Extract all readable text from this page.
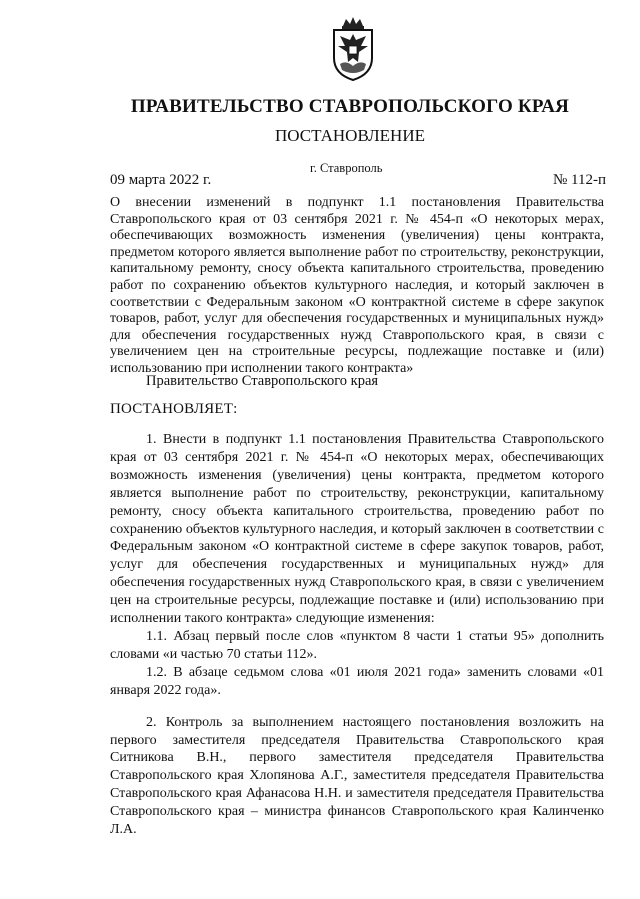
ПРАВИТЕЛЬСТВО СТАВРОПОЛЬСКОГО КРАЯ
ПОСТАНОВЛЕНИЕ
09 марта 2022 г.
г. Ставрополь
№ 112-п
О внесении изменений в подпункт 1.1 постановления Правительства Ставропольского края от 03 сентября 2021 г. № 454-п «О некоторых мерах, обеспечивающих возможность изменения (увеличения) цены контракта, предметом которого является выполнение работ по строительству, реконструкции, капитальному ремонту, сносу объекта капитального строительства, проведению работ по сохранению объектов культурного наследия, и который заключен в соответствии с Федеральным законом «О контрактной системе в сфере закупок товаров, работ, услуг для обеспечения государственных и муниципальных нужд» для обеспечения государственных нужд Ставропольского края, в связи с увеличением цен на строительные ресурсы, подлежащие поставке и (или) использованию при исполнении такого контракта»
Правительство Ставропольского края
ПОСТАНОВЛЯЕТ:

1. Внести в подпункт 1.1 постановления Правительства Ставропольского края от 03 сентября 2021 г. № 454-п «О некоторых мерах, обеспечивающих возможность изменения (увеличения) цены контракта, предметом которого является выполнение работ по строительству, реконструкции, капитальному ремонту, сносу объекта капитального строительства, проведению работ по сохранению объектов культурного наследия, и который заключен в соответствии с Федеральным законом «О контрактной системе в сфере закупок товаров, работ, услуг для обеспечения государственных и муниципальных нужд» для обеспечения государственных нужд Ставропольского края, в связи с увеличением цен на строительные ресурсы, подлежащие поставке и (или) использованию при исполнении такого контракта» следующие изменения:

1.1. Абзац первый после слов «пунктом 8 части 1 статьи 95» дополнить словами «и частью 70 статьи 112».

1.2. В абзаце седьмом слова «01 июля 2021 года» заменить словами «01 января 2022 года».

2. Контроль за выполнением настоящего постановления возложить на первого заместителя председателя Правительства Ставропольского края Ситникова В.Н., первого заместителя председателя Правительства Ставропольского края Хлопянова А.Г., заместителя председателя Правительства Ставропольского края Афанасова Н.Н. и заместителя председателя Правительства Ставропольского края – министра финансов Ставропольского края Калинченко Л.А.
